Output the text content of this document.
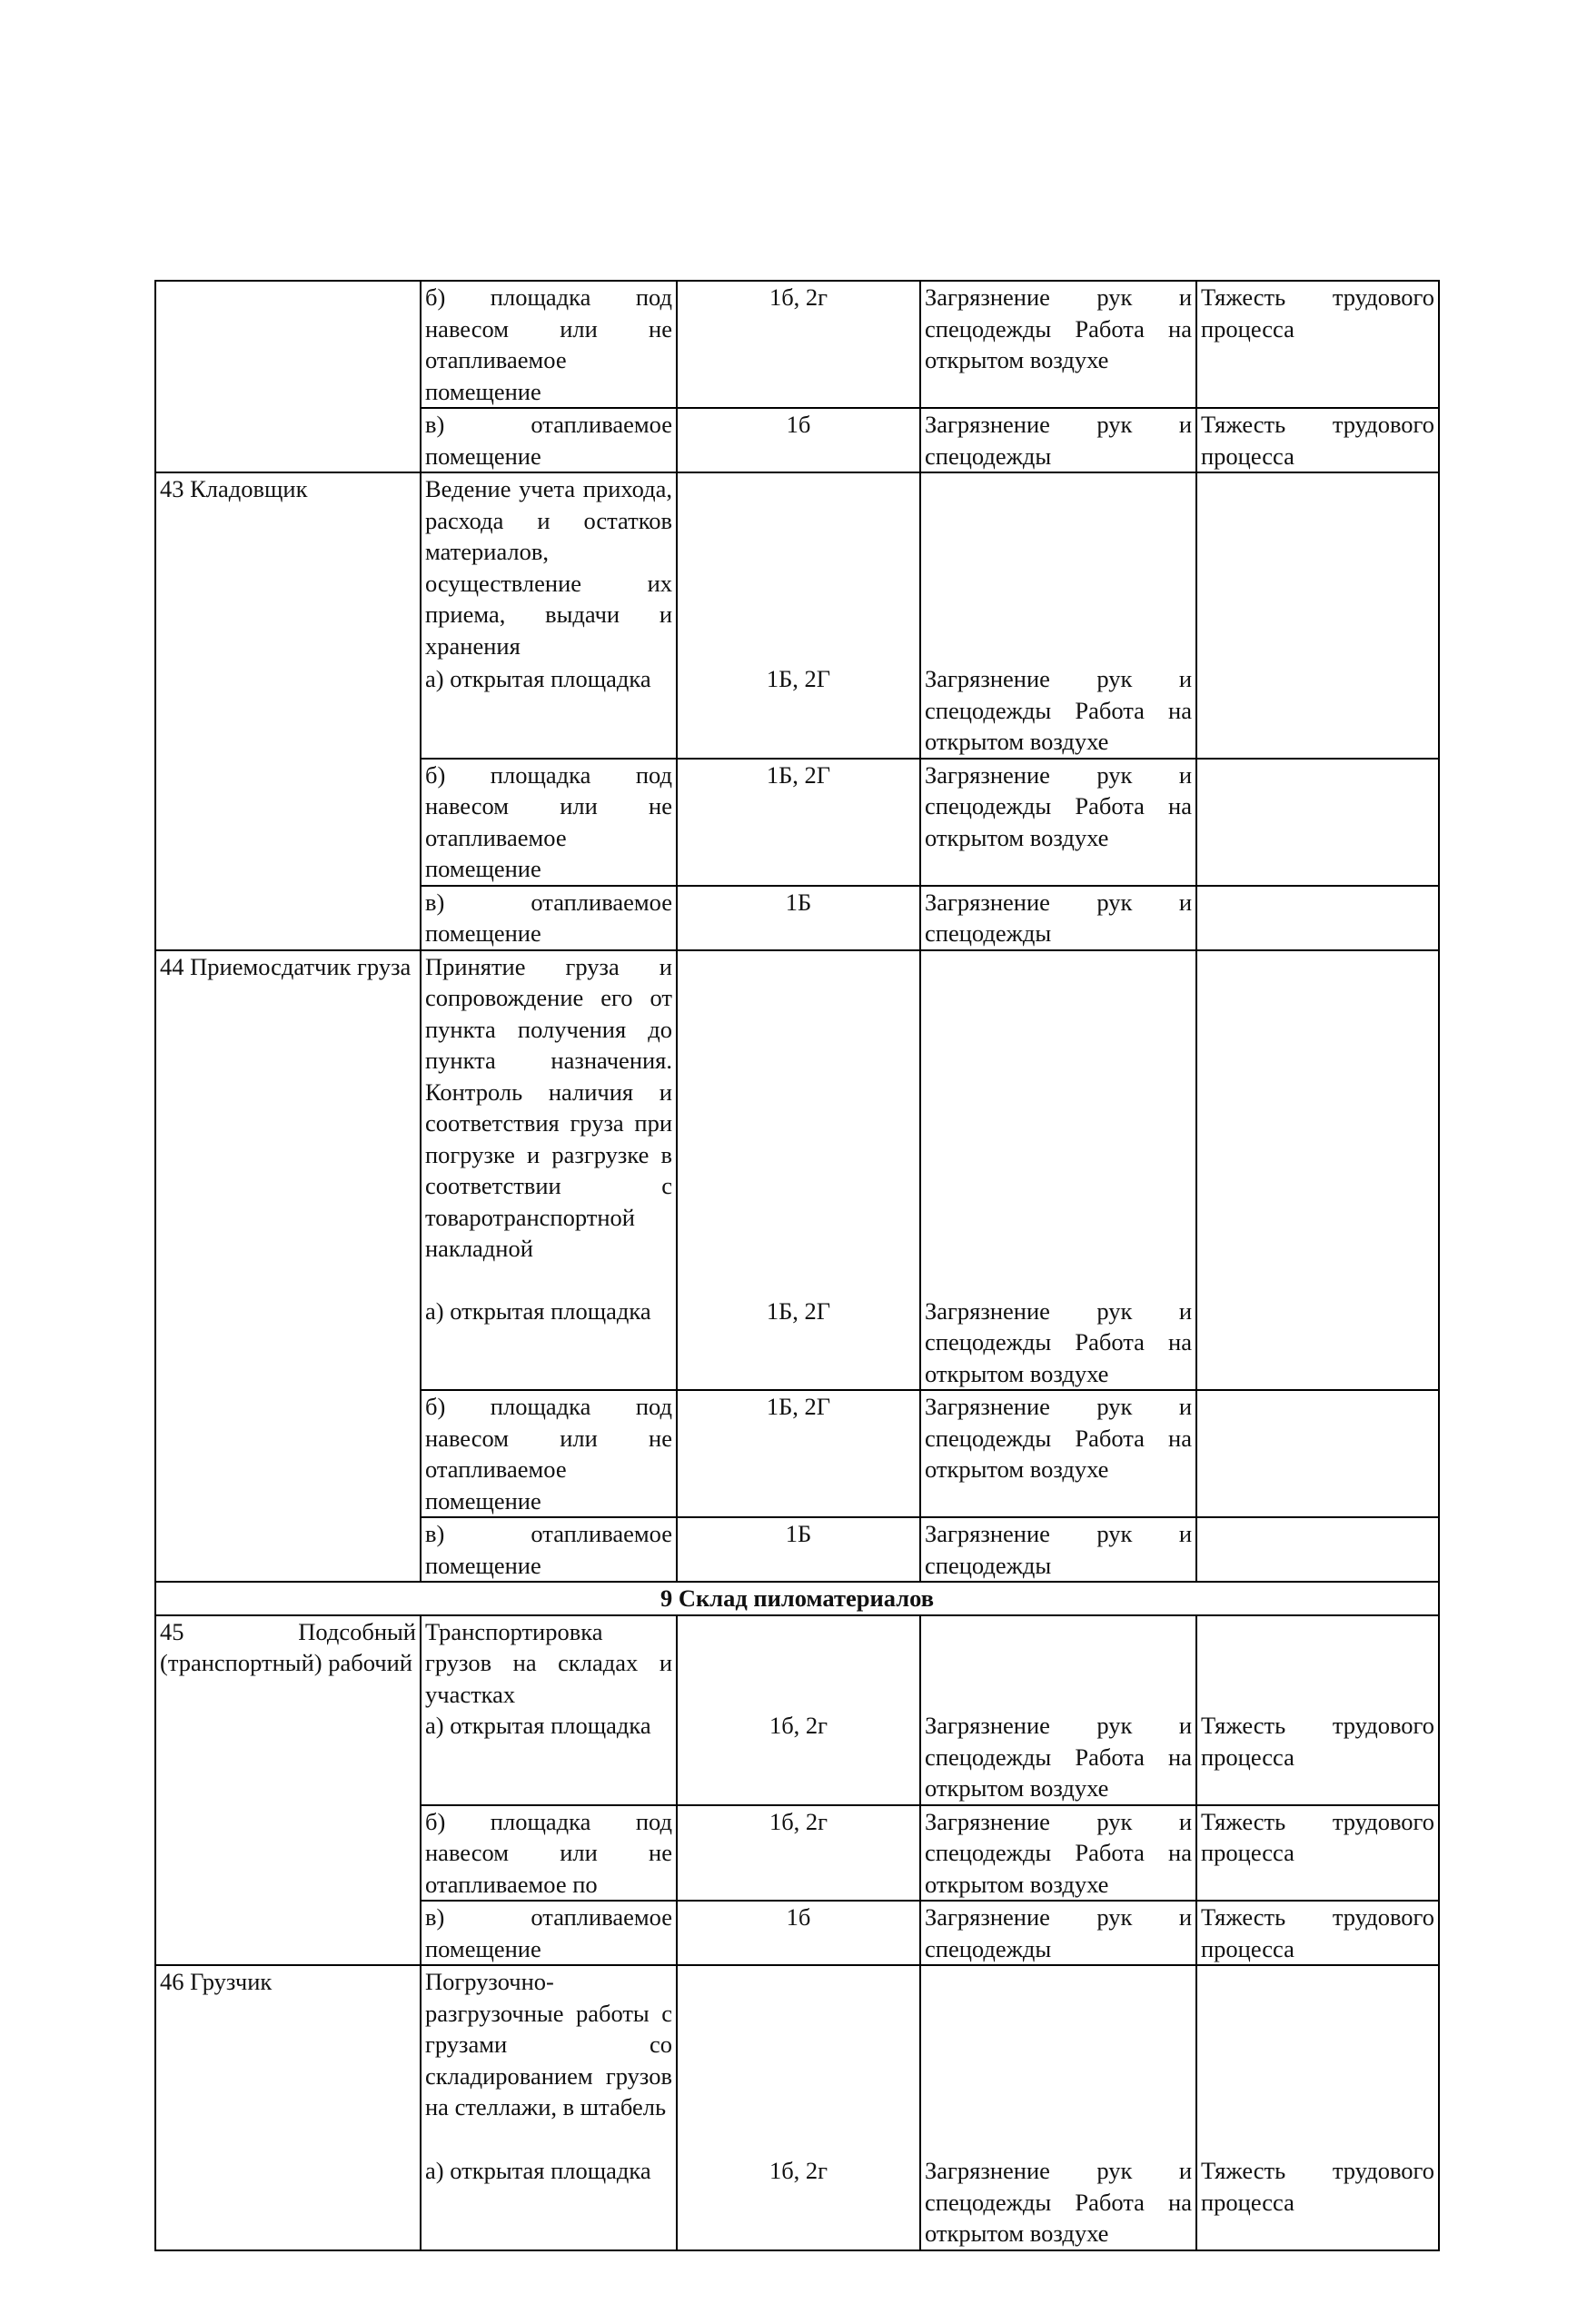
	б) площадка под навесом или не отапливаемое помещение	1б, 2г	Загрязнение рук и спецодежды Работа на открытом воздухе	Тяжесть трудового процесса
	в) отапливаемое помещение	1б	Загрязнение рук и спецодежды	Тяжесть трудового процесса
43 Кладовщик	Ведение учета прихода, расхода и остатков материалов, осуществление их приема, выдачи и хранения			
	а) открытая площадка	1Б, 2Г	Загрязнение рук и спецодежды Работа на открытом воздухе	
	б) площадка под навесом или не отапливаемое помещение	1Б, 2Г	Загрязнение рук и спецодежды Работа на открытом воздухе	
	в) отапливаемое помещение	1Б	Загрязнение рук и спецодежды	
44 Приемосдатчик груза	Принятие груза и сопровождение его от пункта получения до пункта назначения. Контроль наличия и соответствия груза при погрузке и разгрузке в соответствии с товаротранспортной накладной			
	а) открытая площадка	1Б, 2Г	Загрязнение рук и спецодежды Работа на открытом воздухе	
	б) площадка под навесом или не отапливаемое помещение	1Б, 2Г	Загрязнение рук и спецодежды Работа на открытом воздухе	
	в) отапливаемое помещение	1Б	Загрязнение рук и спецодежды	
9 Склад пиломатериалов				
45 Подсобный (транспортный) рабочий	Транспортировка грузов на складах и участках			
	а) открытая площадка	1б, 2г	Загрязнение рук и спецодежды Работа на открытом воздухе	Тяжесть трудового процесса
	б) площадка под навесом или не отапливаемое по	1б, 2г	Загрязнение рук и спецодежды Работа на открытом воздухе	Тяжесть трудового процесса
	в) отапливаемое помещение	1б	Загрязнение рук и спецодежды	Тяжесть трудового процесса
46 Грузчик	Погрузочно-разгрузочные работы с грузами со складированием грузов на стеллажи, в штабель			
	а) открытая площадка	1б, 2г	Загрязнение рук и спецодежды Работа на открытом воздухе	Тяжесть трудового процесса
